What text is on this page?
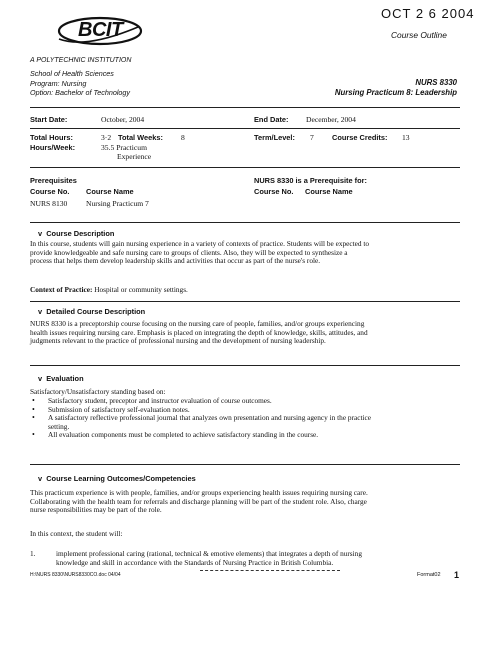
BCIT
A POLYTECHNIC INSTITUTION
OCT 2 6 2004
Course Outline
School of Health Sciences
Program: Nursing
Option: Bachelor of Technology
NURS 8330
Nursing Practicum 8: Leadership
Start Date:	October, 2004	End Date: December, 2004
Total Hours:	3·2 Total Weeks: 8
Hours/Week:	35.5 Practicum
Experience
Term/Level: 7 Course Credits: 13
Prerequisites
Course No. Course Name
NURS 8130 Nursing Practicum 7
NURS 8330 is a Prerequisite for:
Course No. Course Name
v  Course Description
In this course, students will gain nursing experience in a variety of contexts of practice. Students will be expected to
provide knowledgeable and safe nursing care to groups of clients. Also, they will be expected to synthesize a
process that helps them develop leadership skills and activities that occur as part of the nurse's role.
Context of Practice: Hospital or community settings.
v  Detailed Course Description
NURS 8330 is a preceptorship course focusing on the nursing care of people, families, and/or groups experiencing
health issues requiring nursing care. Emphasis is placed on integrating the depth of knowledge, skills, attitudes, and
judgments relevant to the practice of professional nursing and the development of nursing leadership.
v  Evaluation
Satisfactory/Unsatisfactory standing based on:
• Satisfactory student, preceptor and instructor evaluation of course outcomes.
• Submission of satisfactory self-evaluation notes.
• A satisfactory reflective professional journal that analyzes own presentation and nursing agency in the practice
setting.
• All evaluation components must be completed to achieve satisfactory standing in the course.
v  Course Learning Outcomes/Competencies
This practicum experience is with people, families, and/or groups experiencing health issues requiring nursing care.
Collaborating with the health team for referrals and discharge planning will be part of the student role. Also, charge
nurse responsibilities may be part of the role.
In this context, the student will:
1.	implement professional caring (rational, technical & emotive elements) that integrates a depth of nursing
knowledge and skill in accordance with the Standards of Nursing Practice in British Columbia.
H:\NURS 8330\NURS8330CO.doc 04/04	Format02 1
